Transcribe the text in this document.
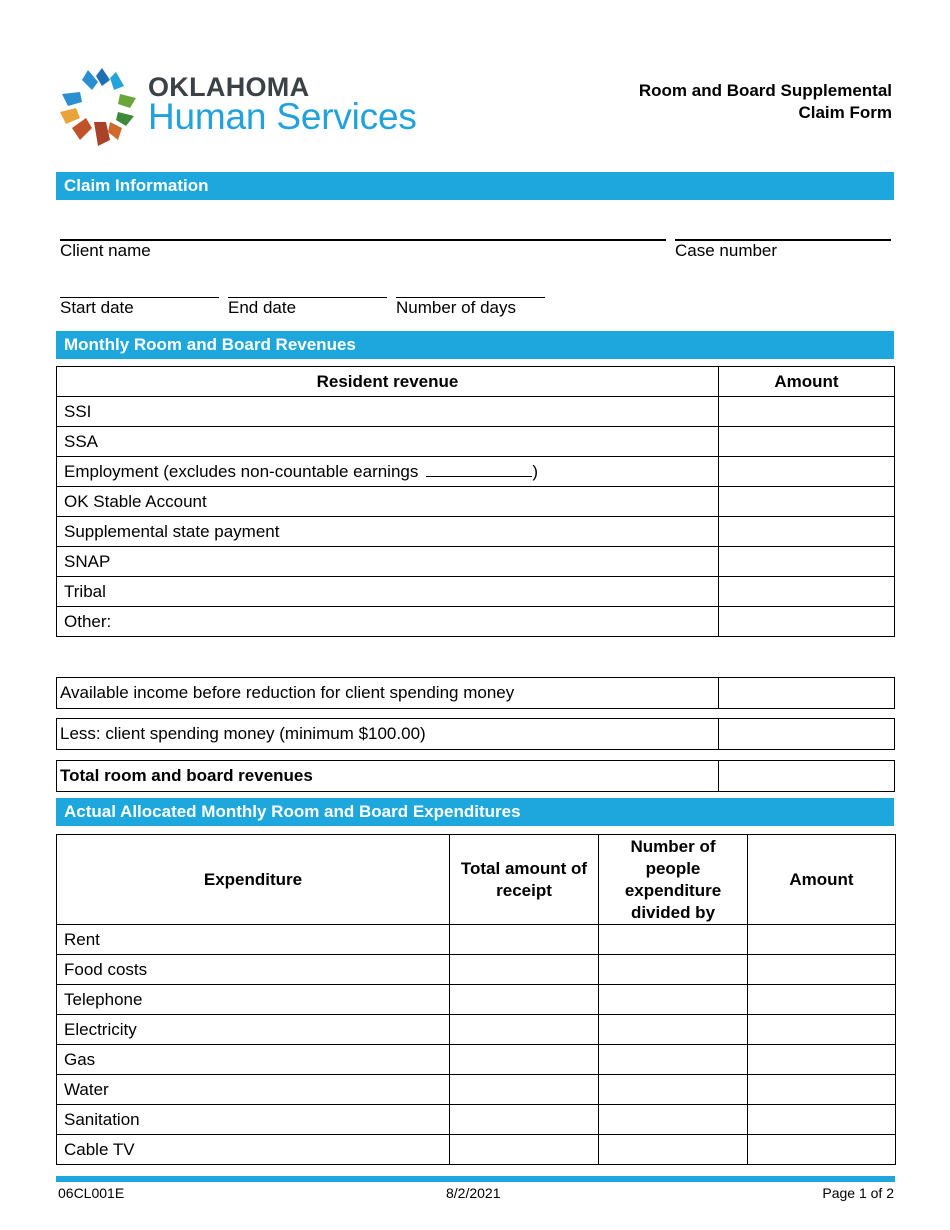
OKLAHOMA
Human Services
Room and Board Supplemental
Claim Form
Claim Information
Client name	Case number
Start date	End date	Number of days
Monthly Room and Board Revenues
Resident revenue	Amount
SSI	
SSA	
Employment (excludes non-countable earnings )	
OK Stable Account	
Supplemental state payment	
SNAP	
Tribal	
Other:	
Available income before reduction for client spending money	
Less: client spending money (minimum $100.00)	
Total room and board revenues	
Actual Allocated Monthly Room and Board Expenditures
Expenditure	Total amount of receipt	Number of people expenditure divided by	Amount
Rent			
Food costs			
Telephone			
Electricity			
Gas			
Water			
Sanitation			
Cable TV			
06CL001E	8/2/2021	Page 1 of 2
